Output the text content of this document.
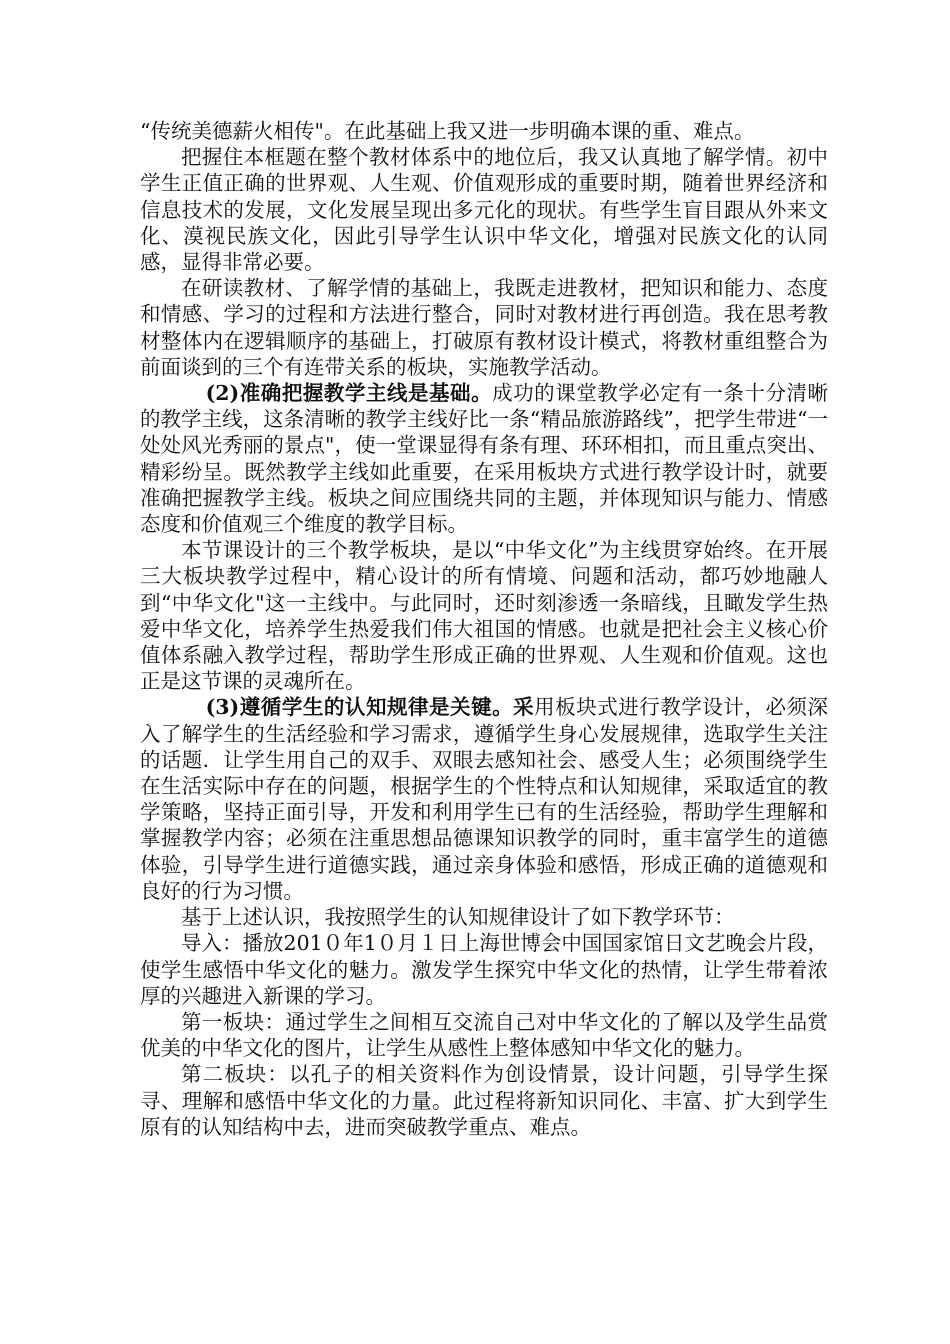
“传统美德薪火相传"。在此基础上我又进一步明确本课的重、难点。

把握住本框题在整个教材体系中的地位后，我又认真地了解学情。初中学生正值正确的世界观、人生观、价值观形成的重要时期，随着世界经济和信息技术的发展，文化发展呈现出多元化的现状。有些学生盲目跟从外来文化、漠视民族文化，因此引导学生认识中华文化，增强对民族文化的认同感，显得非常必要。

在研读教材、了解学情的基础上，我既走进教材，把知识和能力、态度和情感、学习的过程和方法进行整合，同时对教材进行再创造。我在思考教材整体内在逻辑顺序的基础上，打破原有教材设计模式，将教材重组整合为前面谈到的三个有连带关系的板块，实施教学活动。

(2)准确把握教学主线是基础。成功的课堂教学必定有一条十分清晰的教学主线，这条清晰的教学主线好比一条“精品旅游路线”，把学生带进“一处处风光秀丽的景点"，使一堂课显得有条有理、环环相扣，而且重点突出、精彩纷呈。既然教学主线如此重要，在采用板块方式进行教学设计时，就要准确把握教学主线。板块之间应围绕共同的主题，并体现知识与能力、情感态度和价值观三个维度的教学目标。

本节课设计的三个教学板块，是以“中华文化”为主线贯穿始终。在开展三大板块教学过程中，精心设计的所有情境、问题和活动，都巧妙地融人到“中华文化"这一主线中。与此同时，还时刻渗透一条暗线，且瞰发学生热爱中华文化，培养学生热爱我们伟大祖国的情感。也就是把社会主义核心价值体系融入教学过程，帮助学生形成正确的世界观、人生观和价值观。这也正是这节课的灵魂所在。

(3)遵循学生的认知规律是关键。采用板块式进行教学设计，必须深入了解学生的生活经验和学习需求，遵循学生身心发展规律，选取学生关注的话题．让学生用自己的双手、双眼去感知社会、感受人生；必须围绕学生在生活实际中存在的问题，根据学生的个性特点和认知规律，采取适宜的教学策略，坚持正面引导，开发和利用学生已有的生活经验，帮助学生理解和掌握教学内容；必须在注重思想品德课知识教学的同时，重丰富学生的道德体验，引导学生进行道德实践，通过亲身体验和感悟，形成正确的道德观和良好的行为习惯。

基于上述认识，我按照学生的认知规律设计了如下教学环节：

导入：播放201０年1０月１日上海世博会中国国家馆日文艺晚会片段，使学生感悟中华文化的魅力。激发学生探究中华文化的热情，让学生带着浓厚的兴趣进入新课的学习。

第一板块：通过学生之间相互交流自己对中华文化的了解以及学生品赏优美的中华文化的图片，让学生从感性上整体感知中华文化的魅力。

第二板块：以孔子的相关资料作为创设情景，设计问题，引导学生探寻、理解和感悟中华文化的力量。此过程将新知识同化、丰富、扩大到学生原有的认知结构中去，进而突破教学重点、难点。
